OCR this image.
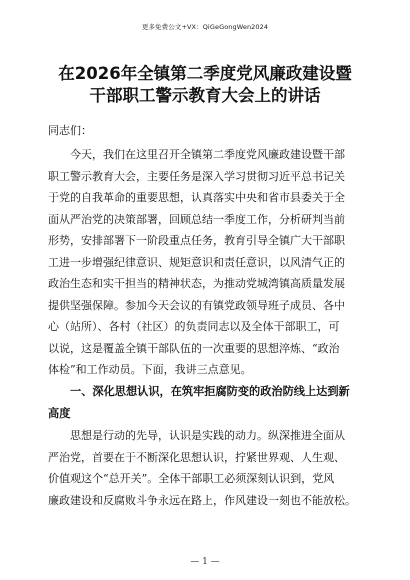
更多免费公文+VX：QiGeGongWen2024
在2026年全镇第二季度党风廉政建设暨
干部职工警示教育大会上的讲话
同志们：
今天，我们在这里召开全镇第二季度党风廉政建设暨干部
职工警示教育大会，主要任务是深入学习贯彻习近平总书记关
于党的自我革命的重要思想，认真落实中央和省市县委关于全
面从严治党的决策部署，回顾总结一季度工作，分析研判当前
形势，安排部署下一阶段重点任务，教育引导全镇广大干部职
工进一步增强纪律意识、规矩意识和责任意识，以风清气正的
政治生态和实干担当的精神状态，为推动党城湾镇高质量发展
提供坚强保障。参加今天会议的有镇党政领导班子成员、各中
心（站所）、各村（社区）的负责同志以及全体干部职工，可
以说，这是覆盖全镇干部队伍的一次重要的思想淬炼、“政治
体检”和工作动员。下面，我讲三点意见。
一、深化思想认识，在筑牢拒腐防变的政治防线上达到新
高度
思想是行动的先导，认识是实践的动力。纵深推进全面从
严治党，首要在于不断深化思想认识，拧紧世界观、人生观、
价值观这个“总开关”。全体干部职工必须深刻认识到，党风
廉政建设和反腐败斗争永远在路上，作风建设一刻也不能放松。
— 1 —
